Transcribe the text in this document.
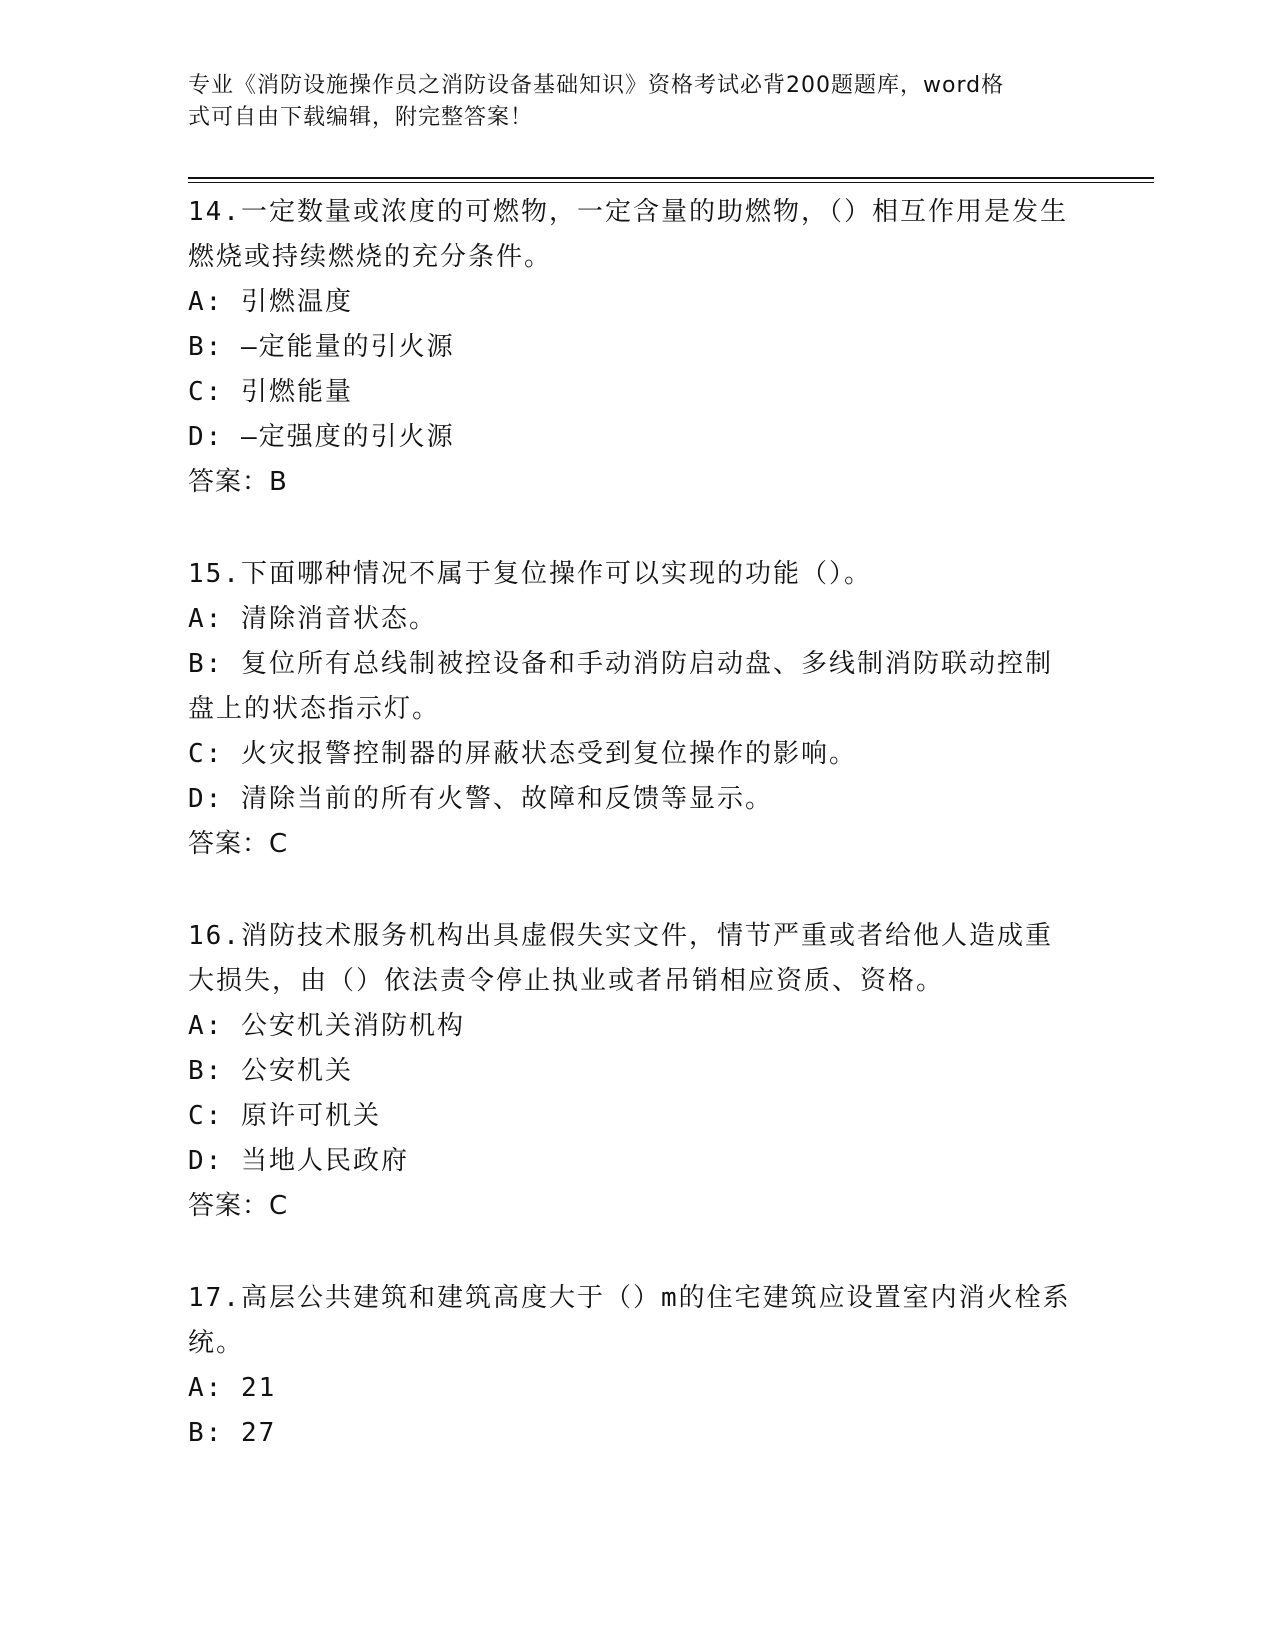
专业《消防设施操作员之消防设备基础知识》资格考试必背200题题库，word格
式可自由下载编辑，附完整答案！

14.一定数量或浓度的可燃物，一定含量的助燃物，（）相互作用是发生燃烧或持续燃烧的充分条件。

A: 引燃温度

B: —定能量的引火源

C: 引燃能量

D: —定强度的引火源

答案：B

15.下面哪种情况不属于复位操作可以实现的功能（）。

A: 清除消音状态。

B: 复位所有总线制被控设备和手动消防启动盘、多线制消防联动控制盘上的状态指示灯。

C: 火灾报警控制器的屏蔽状态受到复位操作的影响。

D: 清除当前的所有火警、故障和反馈等显示。

答案：C

16.消防技术服务机构出具虚假失实文件，情节严重或者给他人造成重大损失，由（）依法责令停止执业或者吊销相应资质、资格。

A: 公安机关消防机构

B: 公安机关

C: 原许可机关

D: 当地人民政府

答案：C

17.高层公共建筑和建筑高度大于（）m的住宅建筑应设置室内消火栓系统。

A: 21

B: 27
